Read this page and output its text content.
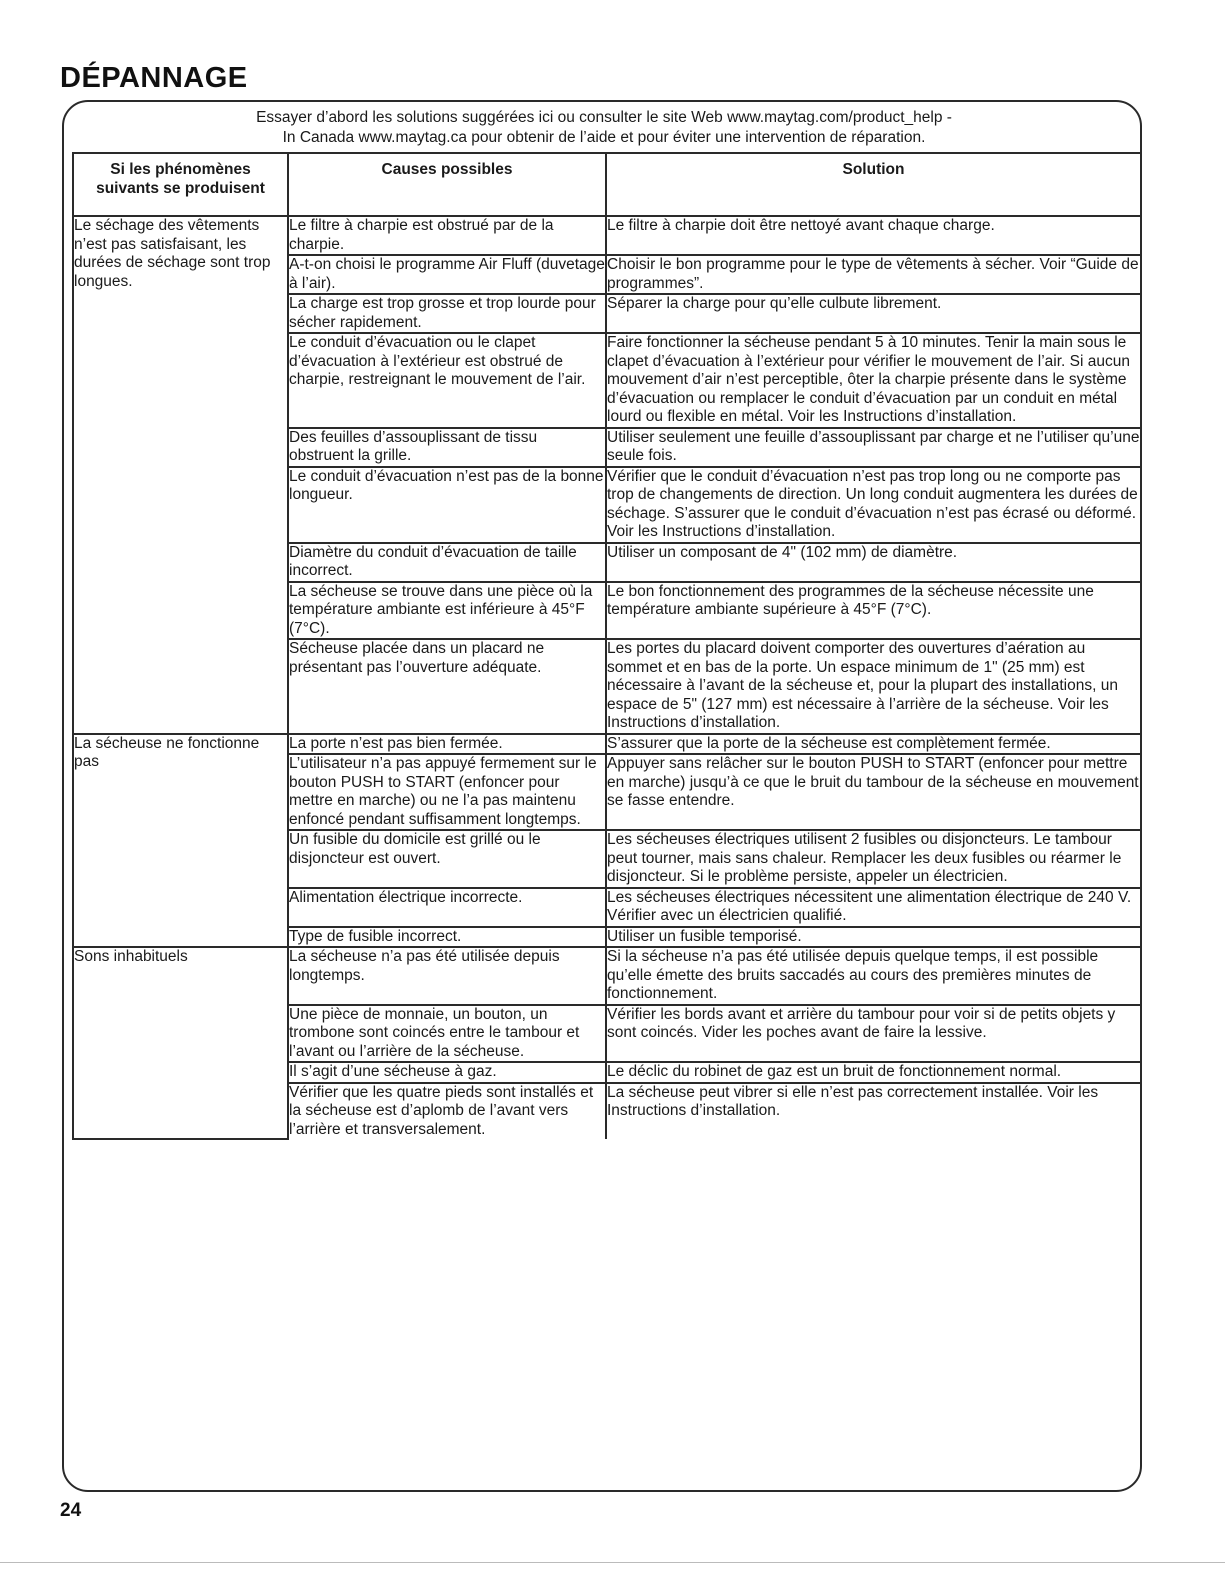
DÉPANNAGE
Essayer d’abord les solutions suggérées ici ou consulter le site Web www.maytag.com/product_help -
In Canada www.maytag.ca pour obtenir de l’aide et pour éviter une intervention de réparation.
Si les phénomènes suivants se produisent	Causes possibles	Solution
Le séchage des vêtements n’est pas satisfaisant, les durées de séchage sont trop longues.	Le filtre à charpie est obstrué par de la charpie.	Le filtre à charpie doit être nettoyé avant chaque charge.
	A-t-on choisi le programme Air Fluff (duvetage à l’air).	Choisir le bon programme pour le type de vêtements à sécher. Voir “Guide de programmes”.
	La charge est trop grosse et trop lourde pour sécher rapidement.	Séparer la charge pour qu’elle culbute librement.
	Le conduit d’évacuation ou le clapet d’évacuation à l’extérieur est obstrué de charpie, restreignant le mouvement de l’air.	Faire fonctionner la sécheuse pendant 5 à 10 minutes. Tenir la main sous le clapet d’évacuation à l’extérieur pour vérifier le mouvement de l’air. Si aucun mouvement d’air n’est perceptible, ôter la charpie présente dans le système d’évacuation ou remplacer le conduit d’évacuation par un conduit en métal lourd ou flexible en métal. Voir les Instructions d’installation.
	Des feuilles d’assouplissant de tissu obstruent la grille.	Utiliser seulement une feuille d’assouplissant par charge et ne l’utiliser qu’une seule fois.
	Le conduit d’évacuation n’est pas de la bonne longueur.	Vérifier que le conduit d’évacuation n’est pas trop long ou ne comporte pas trop de changements de direction. Un long conduit augmentera les durées de séchage. S’assurer que le conduit d’évacuation n’est pas écrasé ou déformé. Voir les Instructions d’installation.
	Diamètre du conduit d’évacuation de taille incorrect.	Utiliser un composant de 4" (102 mm) de diamètre.
	La sécheuse se trouve dans une pièce où la température ambiante est inférieure à 45°F (7°C).	Le bon fonctionnement des programmes de la sécheuse nécessite une température ambiante supérieure à 45°F (7°C).
	Sécheuse placée dans un placard ne présentant pas l’ouverture adéquate.	Les portes du placard doivent comporter des ouvertures d’aération au sommet et en bas de la porte. Un espace minimum de 1" (25 mm) est nécessaire à l’avant de la sécheuse et, pour la plupart des installations, un espace de 5" (127 mm) est nécessaire à l’arrière de la sécheuse. Voir les Instructions d’installation.
La sécheuse ne fonctionne pas	La porte n’est pas bien fermée.	S’assurer que la porte de la sécheuse est complètement fermée.
	L’utilisateur n’a pas appuyé fermement sur le bouton PUSH to START (enfoncer pour mettre en marche) ou ne l’a pas maintenu enfoncé pendant suffisamment longtemps.	Appuyer sans relâcher sur le bouton PUSH to START (enfoncer pour mettre en marche) jusqu’à ce que le bruit du tambour de la sécheuse en mouvement se fasse entendre.
	Un fusible du domicile est grillé ou le disjoncteur est ouvert.	Les sécheuses électriques utilisent 2 fusibles ou disjoncteurs. Le tambour peut tourner, mais sans chaleur. Remplacer les deux fusibles ou réarmer le disjoncteur. Si le problème persiste, appeler un électricien.
	Alimentation électrique incorrecte.	Les sécheuses électriques nécessitent une alimentation électrique de 240 V. Vérifier avec un électricien qualifié.
	Type de fusible incorrect.	Utiliser un fusible temporisé.
Sons inhabituels	La sécheuse n’a pas été utilisée depuis longtemps.	Si la sécheuse n’a pas été utilisée depuis quelque temps, il est possible qu’elle émette des bruits saccadés au cours des premières minutes de fonctionnement.
	Une pièce de monnaie, un bouton, un trombone sont coincés entre le tambour et l’avant ou l’arrière de la sécheuse.	Vérifier les bords avant et arrière du tambour pour voir si de petits objets y sont coincés. Vider les poches avant de faire la lessive.
	Il s’agit d’une sécheuse à gaz.	Le déclic du robinet de gaz est un bruit de fonctionnement normal.
	Vérifier que les quatre pieds sont installés et la sécheuse est d’aplomb de l’avant vers l’arrière et transversalement.	La sécheuse peut vibrer si elle n’est pas correctement installée. Voir les Instructions d’installation.
24
